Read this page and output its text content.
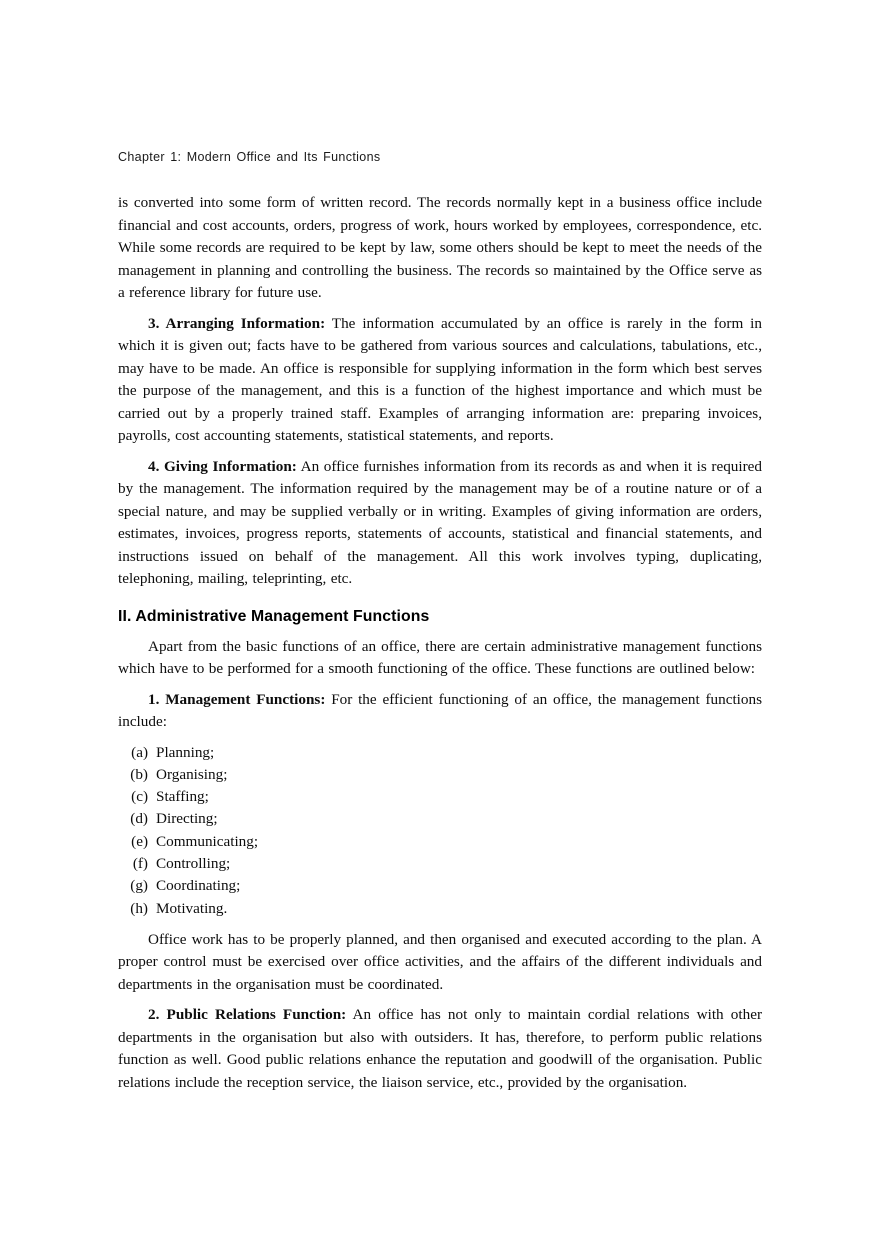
Chapter 1: Modern Office and Its Functions

is converted into some form of written record. The records normally kept in a business office include financial and cost accounts, orders, progress of work, hours worked by employees, correspondence, etc. While some records are required to be kept by law, some others should be kept to meet the needs of the management in planning and controlling the business. The records so maintained by the Office serve as a reference library for future use.

3. Arranging Information: The information accumulated by an office is rarely in the form in which it is given out; facts have to be gathered from various sources and calculations, tabulations, etc., may have to be made. An office is responsible for supplying information in the form which best serves the purpose of the management, and this is a function of the highest importance and which must be carried out by a properly trained staff. Examples of arranging information are: preparing invoices, payrolls, cost accounting statements, statistical statements, and reports.

4. Giving Information: An office furnishes information from its records as and when it is required by the management. The information required by the management may be of a routine nature or of a special nature, and may be supplied verbally or in writing. Examples of giving information are orders, estimates, invoices, progress reports, statements of accounts, statistical and financial statements, and instructions issued on behalf of the management. All this work involves typing, duplicating, telephoning, mailing, teleprinting, etc.

II. Administrative Management Functions

Apart from the basic functions of an office, there are certain administrative management functions which have to be performed for a smooth functioning of the office. These functions are outlined below:

1. Management Functions: For the efficient functioning of an office, the management functions include:

(a) Planning;
(b) Organising;
(c) Staffing;
(d) Directing;
(e) Communicating;
(f) Controlling;
(g) Coordinating;
(h) Motivating.

Office work has to be properly planned, and then organised and executed according to the plan. A proper control must be exercised over office activities, and the affairs of the different individuals and departments in the organisation must be coordinated.

2. Public Relations Function: An office has not only to maintain cordial relations with other departments in the organisation but also with outsiders. It has, therefore, to perform public relations function as well. Good public relations enhance the reputation and goodwill of the organisation. Public relations include the reception service, the liaison service, etc., provided by the organisation.
